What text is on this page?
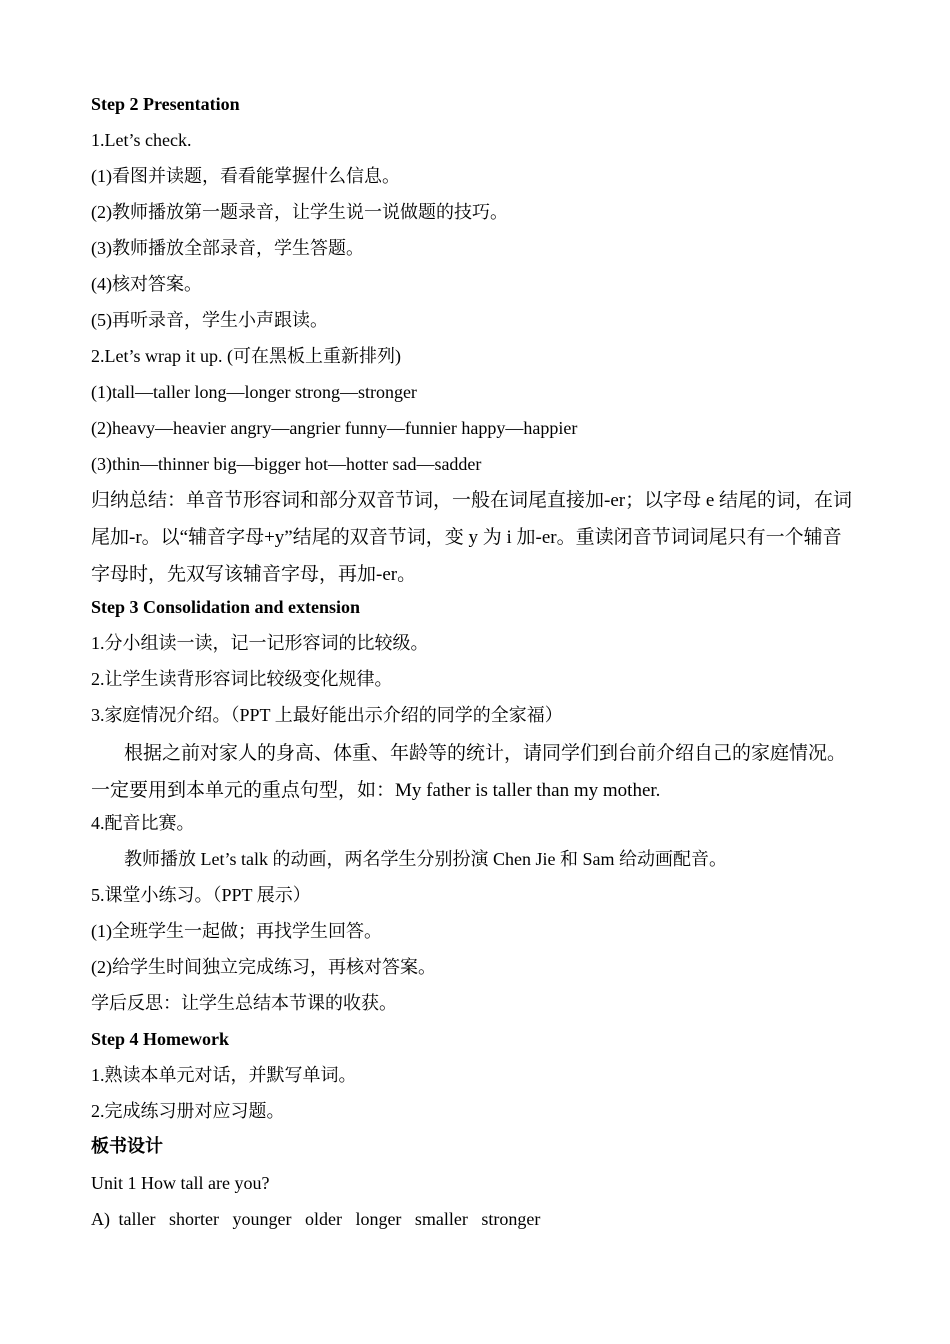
Step 2 Presentation
1.Let’s check.
(1)看图并读题，看看能掌握什么信息。
(2)教师播放第一题录音，让学生说一说做题的技巧。
(3)教师播放全部录音，学生答题。
(4)核对答案。
(5)再听录音，学生小声跟读。
2.Let’s wrap it up. (可在黑板上重新排列)
(1)tall—taller long—longer strong—stronger
(2)heavy—heavier angry—angrier funny—funnier happy—happier
(3)thin—thinner big—bigger hot—hotter sad—sadder
归纳总结：单音节形容词和部分双音节词，一般在词尾直接加-er；以字母 e 结尾的词，在词尾加-r。以“辅音字母+y”结尾的双音节词，变 y 为 i 加-er。重读闭音节词词尾只有一个辅音字母时，先双写该辅音字母，再加-er。
Step 3 Consolidation and extension
1.分小组读一读，记一记形容词的比较级。
2.让学生读背形容词比较级变化规律。
3.家庭情况介绍。（PPT 上最好能出示介绍的同学的全家福）
根据之前对家人的身高、体重、年龄等的统计，请同学们到台前介绍自己的家庭情况。一定要用到本单元的重点句型，如：My father is taller than my mother.
4.配音比赛。
教师播放 Let’s talk 的动画，两名学生分别扮演 Chen Jie 和 Sam 给动画配音。
5.课堂小练习。（PPT 展示）
(1)全班学生一起做；再找学生回答。
(2)给学生时间独立完成练习，再核对答案。
学后反思：让学生总结本节课的收获。
Step 4 Homework
1.熟读本单元对话，并默写单词。
2.完成练习册对应习题。
板书设计
Unit 1 How tall are you?
A) taller shorter younger older longer smaller stronger
